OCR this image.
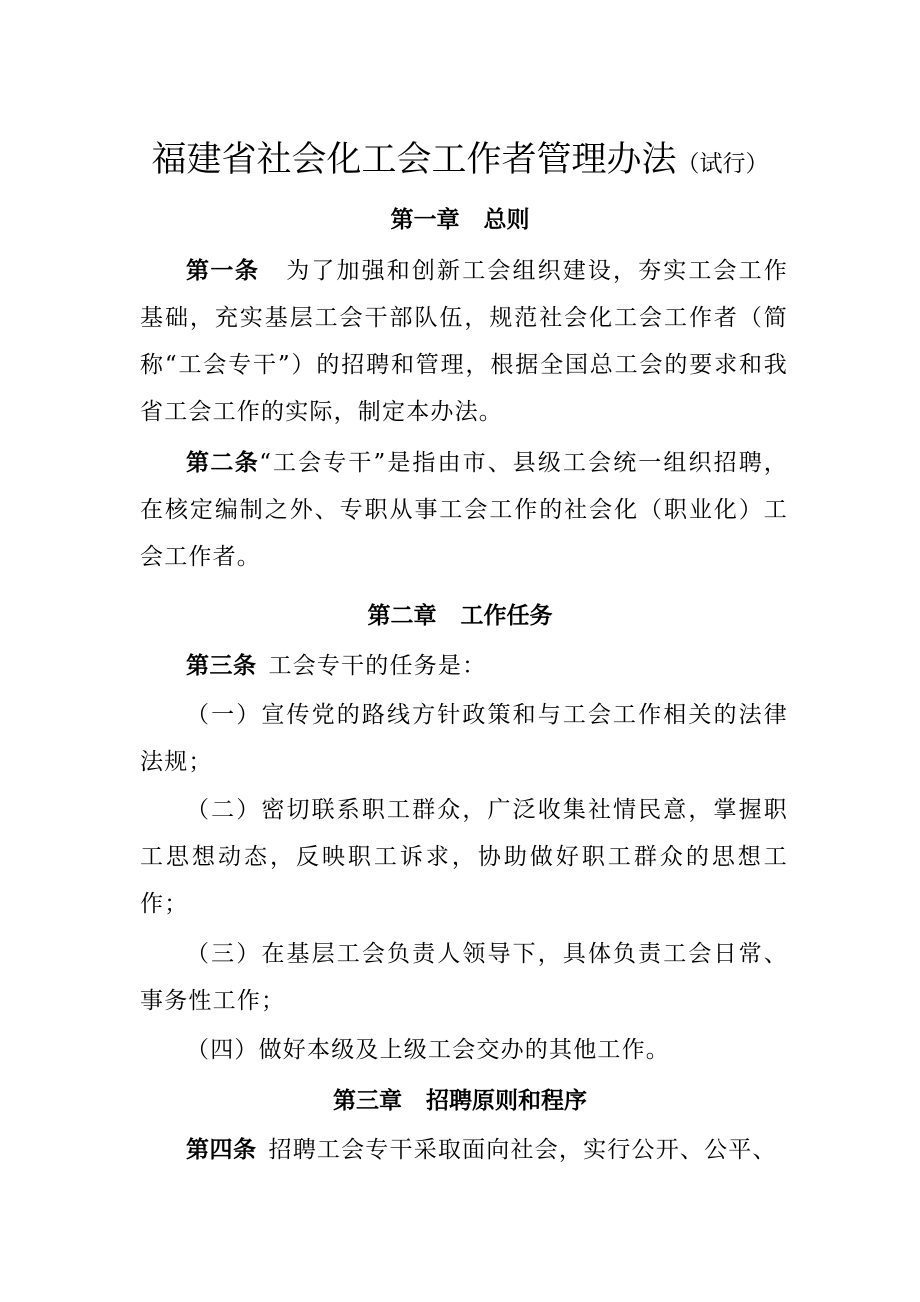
福建省社会化工会工作者管理办法（试行）
第一章 总则
第一条 为了加强和创新工会组织建设，夯实工会工作基础，充实基层工会干部队伍，规范社会化工会工作者（简称“工会专干”）的招聘和管理，根据全国总工会的要求和我省工会工作的实际，制定本办法。
第二条“工会专干”是指由市、县级工会统一组织招聘，在核定编制之外、专职从事工会工作的社会化（职业化）工会工作者。
第二章 工作任务
第三条 工会专干的任务是：
（一）宣传党的路线方针政策和与工会工作相关的法律法规；
（二）密切联系职工群众，广泛收集社情民意，掌握职工思想动态，反映职工诉求，协助做好职工群众的思想工作；
（三）在基层工会负责人领导下，具体负责工会日常、事务性工作；
（四）做好本级及上级工会交办的其他工作。
第三章 招聘原则和程序
第四条 招聘工会专干采取面向社会，实行公开、公平、
